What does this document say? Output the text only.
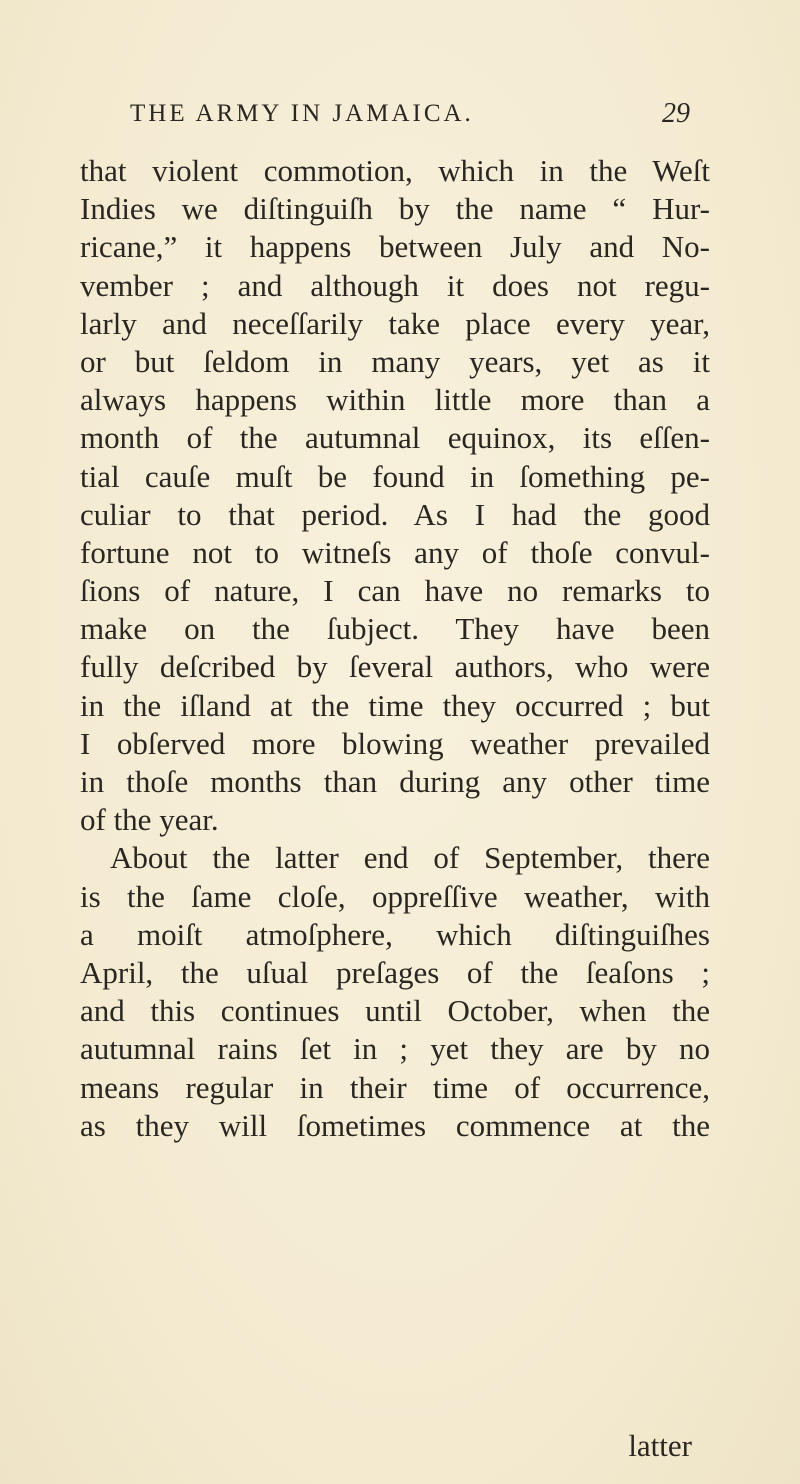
THE ARMY IN JAMAICA.	29
that violent commotion, which in the Weſt
Indies we diſtinguiſh by the name “ Hur-
ricane,” it happens between July and No-
vember ; and although it does not regu-
larly and neceſſarily take place every year,
or but ſeldom in many years, yet as it
always happens within little more than a
month of the autumnal equinox, its eſſen-
tial cauſe muſt be found in ſomething pe-
culiar to that period. As I had the good
fortune not to witneſs any of thoſe convul-
ſions of nature, I can have no remarks to
make on the ſubject. They have been
fully deſcribed by ſeveral authors, who were
in the iſland at the time they occurred ; but
I obſerved more blowing weather prevailed
in thoſe months than during any other time
of the year.
About the latter end of September, there
is the ſame cloſe, oppreſſive weather, with
a moiſt atmoſphere, which diſtinguiſhes
April, the uſual preſages of the ſeaſons ;
and this continues until October, when the
autumnal rains ſet in ; yet they are by no
means regular in their time of occurrence,
as they will ſometimes commence at the
latter
